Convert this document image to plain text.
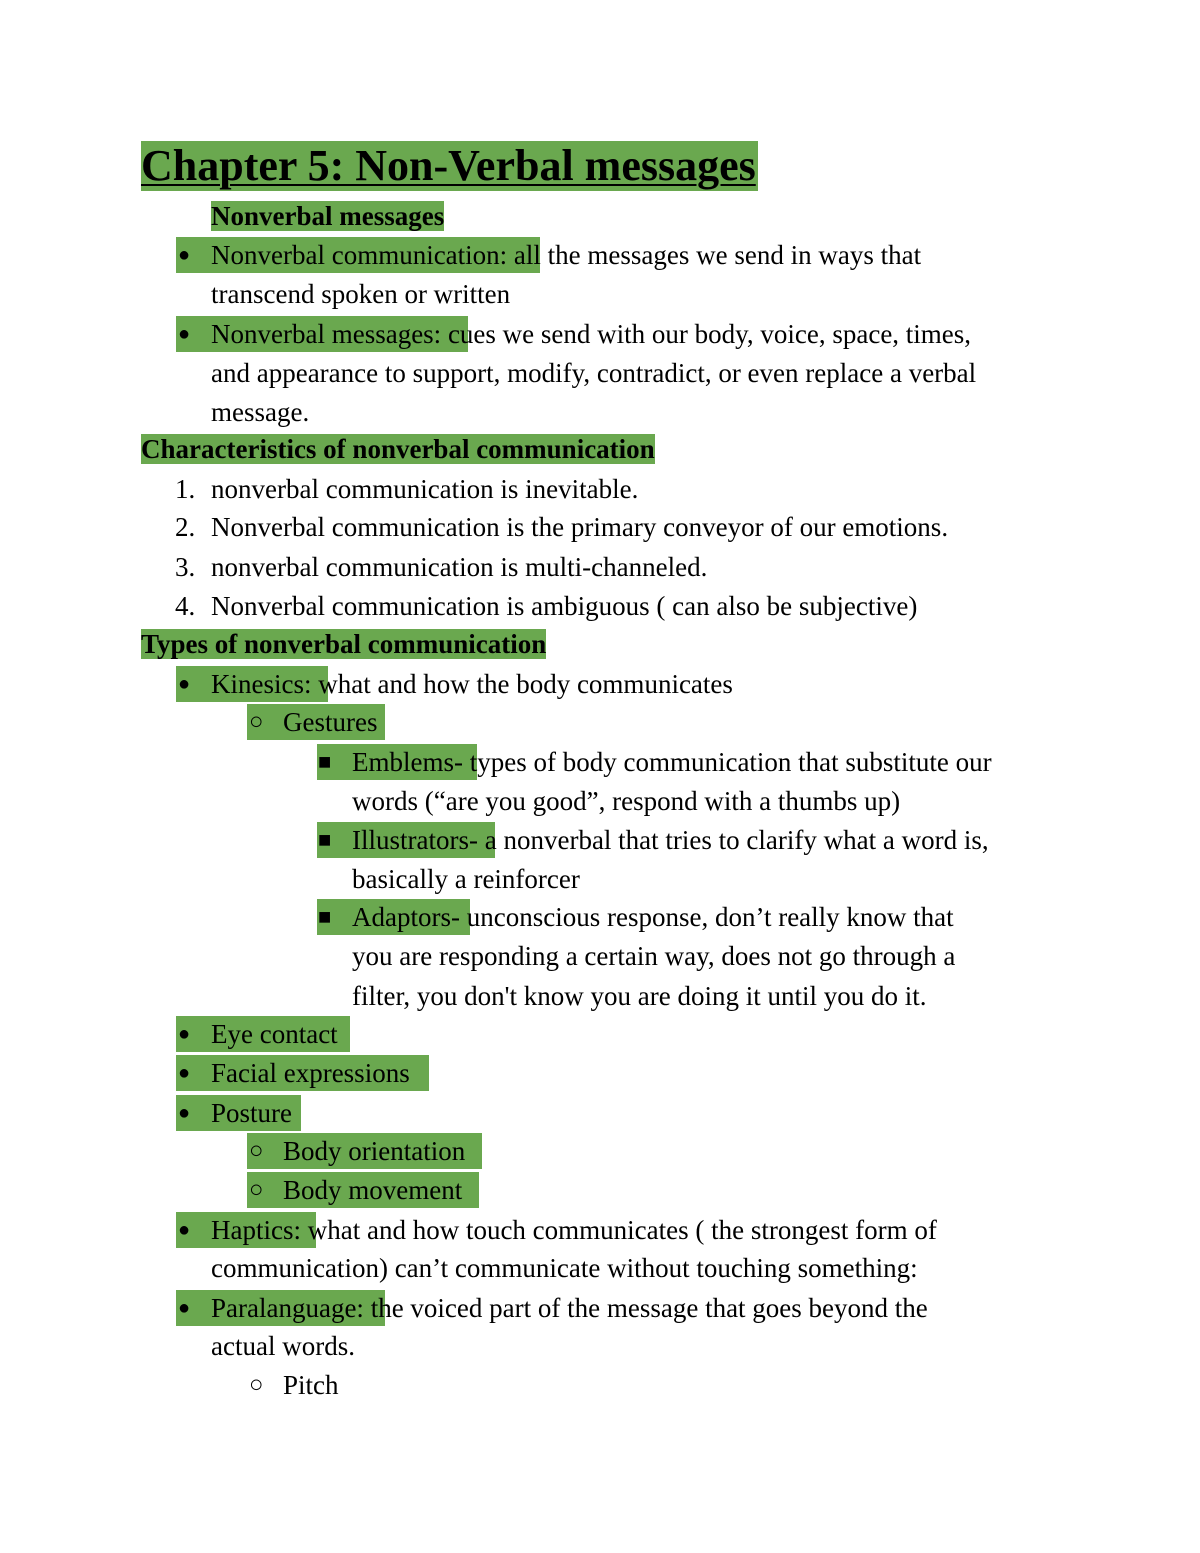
Chapter 5: Non-Verbal messages
Nonverbal messages
● Nonverbal communication: all the messages we send in ways that
transcend spoken or written
● Nonverbal messages: cues we send with our body, voice, space, times,
and appearance to support, modify, contradict, or even replace a verbal
message.
Characteristics of nonverbal communication
1. nonverbal communication is inevitable.
2. Nonverbal communication is the primary conveyor of our emotions.
3. nonverbal communication is multi-channeled.
4. Nonverbal communication is ambiguous ( can also be subjective)
Types of nonverbal communication
● Kinesics: what and how the body communicates
○ Gestures
■ Emblems- types of body communication that substitute our
words (“are you good”, respond with a thumbs up)
■ Illustrators- a nonverbal that tries to clarify what a word is,
basically a reinforcer
■ Adaptors- unconscious response, don’t really know that
you are responding a certain way, does not go through a
filter, you don't know you are doing it until you do it.
● Eye contact
● Facial expressions
● Posture
○ Body orientation
○ Body movement
● Haptics: what and how touch communicates ( the strongest form of
communication) can’t communicate without touching something:
● Paralanguage: the voiced part of the message that goes beyond the
actual words.
○ Pitch
